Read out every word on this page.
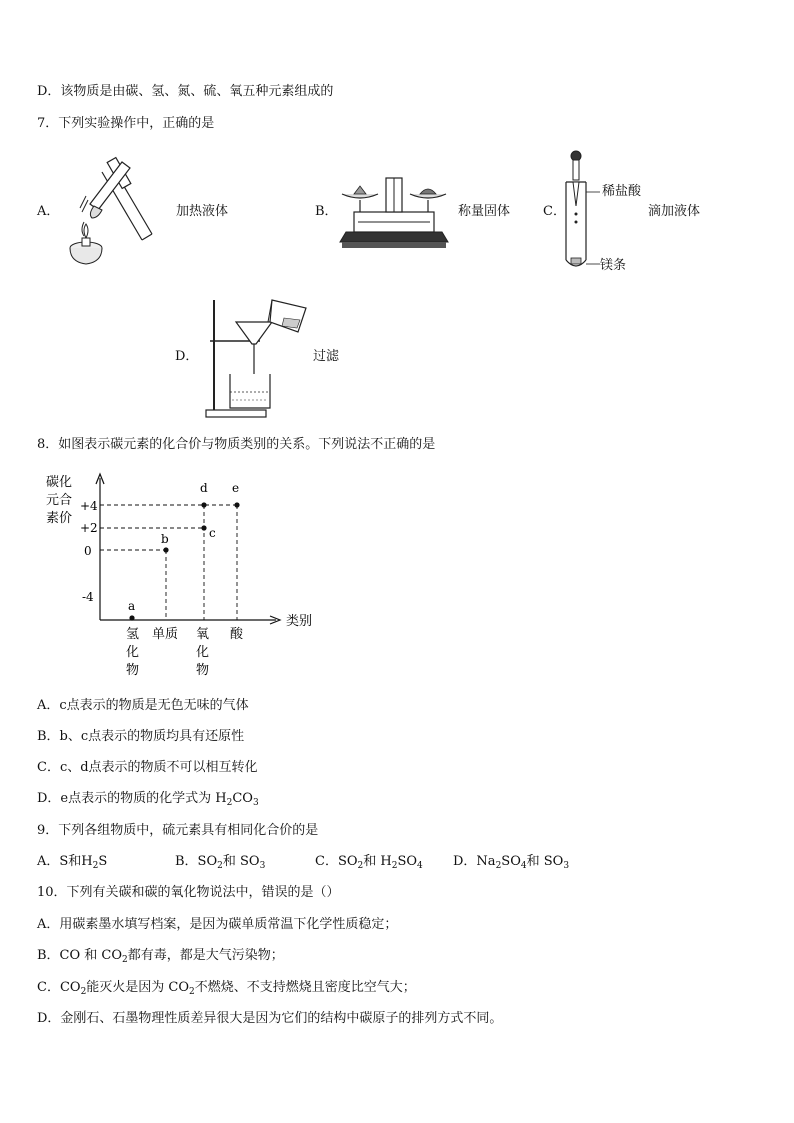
D．该物质是由碳、氢、氮、硫、氧五种元素组成的
7．下列实验操作中，正确的是
A．	加热液体	B．	称量固体	C．
稀盐酸
镁条
滴加液体
D．	过滤
8．如图表示碳元素的化合价与物质类别的关系。下列说法不正确的是
碳化
元合
素价
+4
+2
0
-4
a
b	c
d e
氢
化
物
单质 氧
化
物
酸
类别
A．c点表示的物质是无色无味的气体
B．b、c点表示的物质均具有还原性
C．c、d点表示的物质不可以相互转化
D．e点表示的物质的化学式为 $H_2CO_3$
9．下列各组物质中，硫元素具有相同化合价的是
A．S和$H_2S$	B．$SO_2$和 $SO_3$	C．$SO_2$和 $H_2SO_4$ D．$Na_2SO_4$和 $SO_3$
10．下列有关碳和碳的氧化物说法中，错误的是（）
A．用碳素墨水填写档案，是因为碳单质常温下化学性质稳定；
B．CO 和 $CO_2$都有毒，都是大气污染物；
C．$CO_2$能灭火是因为 $CO_2$不燃烧、不支持燃烧且密度比空气大；
D．金刚石、石墨物理性质差异很大是因为它们的结构中碳原子的排列方式不同。
